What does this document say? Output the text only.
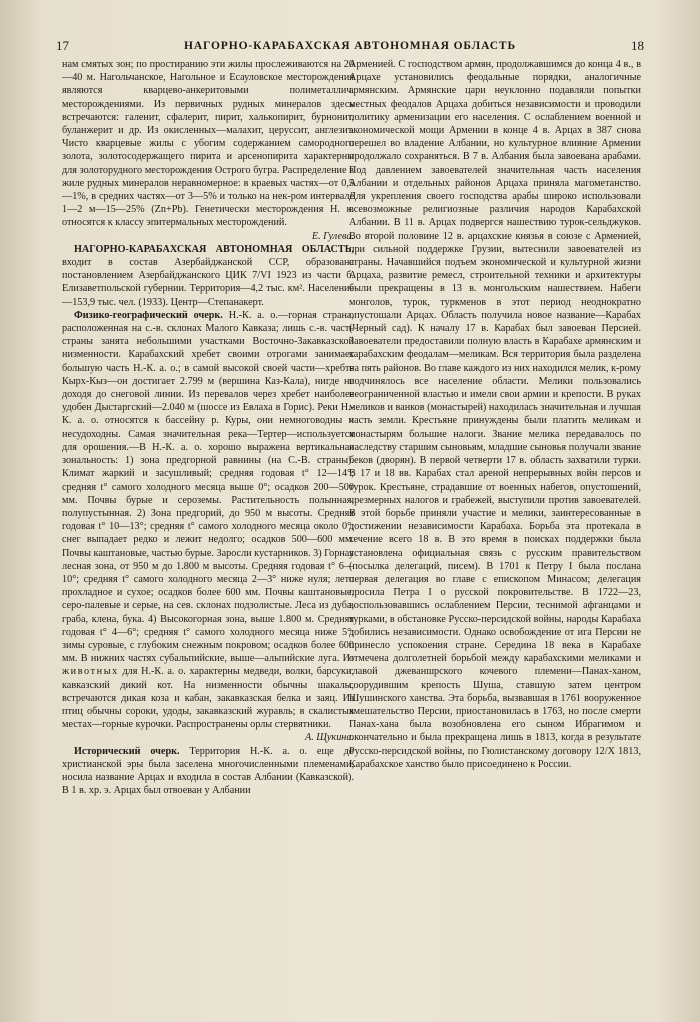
17	НАГОРНО-КАРАБАХСКАЯ АВТОНОМНАЯ ОБЛАСТЬ	18

нам смятых зон; по простиранию эти жилы прослеживаются на 20—40 м. Нагольчанское, Нагольное и Есауловское месторождения являются кварцево-анкеритовыми полиметаллич. месторождениями. Из первичных рудных минералов здесь встречаются: галенит, сфалерит, пирит, халькопирит, бурнонит, буланжерит и др. Из окисленных—малахит, церуссит, англезит. Чисто кварцевые жилы с убогим содержанием самородного золота, золотосодержащего пирита и арсенопирита характерны для золоторудного месторождения Острого бугра. Распределение в жиле рудных минералов неравномерное: в краевых частях—от 0,5—1%, в средних частях—от 3—5% и только на нек-ром интервале 1—2 м—15—25% (Zn+Pb). Генетически месторождения Н. к. относятся к классу эпитермальных месторождений.

Е. Гулева.

НАГОРНО-КАРАБАХСКАЯ АВТОНОМНАЯ ОБЛАСТЬ, входит в состав Азербайджанской ССР, образована постановлением Азербайджанского ЦИК 7/VI 1923 из части б. Елизаветпольской губернии. Территория—4,2 тыс. км². Население—153,9 тыс. чел. (1933). Центр—Степанакерт.

Физико-географический очерк. Н.-К. а. о.—горная страна, расположенная на с.-в. склонах Малого Кавказа; лишь с.-в. часть страны занята небольшими участками Восточно-Закавказской низменности. Карабахский хребет своими отрогами занимает большую часть Н.-К. а. о.; в самой высокой своей части—хребте Кырх-Кыз—он достигает 2.799 м (вершина Каз-Кала), нигде не доходя до снеговой линии. Из перевалов через хребет наиболее удобен Дыстаргский—2.040 м (шоссе из Евлаха в Горис). Реки Н.-К. а. о. относятся к бассейну р. Куры, они немноговодны и несудоходны. Самая значительная река—Тертер—используется для орошения.—В Н.-К. а. о. хорошо выражена вертикальная зональность: 1) зона предгорной равнины (на С.-В. страны). Климат жаркий и засушливый; средняя годовая t° 12—14°; средняя t° самого холодного месяца выше 0°; осадков 200—500 мм. Почвы бурые и сероземы. Растительность полынная, полупустынная. 2) Зона предгорий, до 950 м высоты. Средняя годовая t° 10—13°; средняя t° самого холодного месяца около 0°; снег выпадает редко и лежит недолго; осадков 500—600 мм. Почвы каштановые, частью бурые. Заросли кустарников. 3) Горная лесная зона, от 950 м до 1.800 м высоты. Средняя годовая t° 6—10°; средняя t° самого холодного месяца 2—3° ниже нуля; лето прохладное и сухое; осадков более 600 мм. Почвы каштановые, серо-палевые и серые, на сев. склонах подзолистые. Леса из дуба, граба, клена, бука. 4) Высокогорная зона, выше 1.800 м. Средняя годовая t° 4—6°; средняя t° самого холодного месяца ниже 5°; зимы суровые, с глубоким снежным покровом; осадков более 600 мм. В нижних частях субальпийские, выше—альпийские луга. Из животных для Н.-К. а. о. характерны медведи, волки, барсуки, кавказский дикий кот. На низменности обычны шакалы, встречаются дикая коза и кабан, закавказская белка и заяц. Из птиц обычны сороки, удоды, закавказский журавль; в скалистых местах—горные курочки. Распространены орлы стервятники.

А. Щукина.

Исторический очерк. Территория Н.-К. а. о. еще до христианской эры была заселена многочисленными племенами, носила название Арцах и входила в состав Албании (Кавказской). В 1 в. хр. э. Арцах был отвоеван у Албании

Арменией. С господством армян, продолжавшимся до конца 4 в., в Арцахе установились феодальные порядки, аналогичные армянским. Армянские цари неуклонно подавляли попытки местных феодалов Арцаха добиться независимости и проводили политику арменизации его населения. С ослаблением военной и экономической мощи Армении в конце 4 в. Арцах в 387 снова перешел во владение Албании, но культурное влияние Армении продолжало сохраняться. В 7 в. Албания была завоевана арабами. Под давлением завоевателей значительная часть населения Албании и отдельных районов Арцаха приняла магометанство. Для укрепления своего господства арабы широко использовали всевозможные религиозные различия народов Карабахской Албании. В 11 в. Арцах подвергся нашествию турок-сельджуков. Во второй половине 12 в. арцахские князья в союзе с Арменией, при сильной поддержке Грузии, вытеснили завоевателей из страны. Начавшийся подъем экономической и культурной жизни Арцаха, развитие ремесл, строительной техники и архитектуры были прекращены в 13 в. монгольским нашествием. Набеги монголов, турок, туркменов в этот период неоднократно опустошали Арцах. Область получила новое название—Карабах (Черный сад). К началу 17 в. Карабах был завоеван Персией. Завоеватели предоставили полную власть в Карабахе армянским и карабахским феодалам—меликам. Вся территория была разделена на пять районов. Во главе каждого из них находился мелик, к-рому подчинялось все население области. Мелики пользовались неограниченной властью и имели свои армии и крепости. В руках меликов и ванков (монастырей) находилась значительная и лучшая часть земли. Крестьяне принуждены были платить меликам и монастырям большие налоги. Звание мелика передавалось по наследству старшим сыновьям, младшие сыновья получали звание беков (дворян). В первой четверти 17 в. область захватили турки. В 17 и 18 вв. Карабах стал ареной непрерывных войн персов и турок. Крестьяне, страдавшие от военных набегов, опустошений, чрезмерных налогов и грабежей, выступили против завоевателей. В этой борьбе приняли участие и мелики, заинтересованные в достижении независимости Карабаха. Борьба эта протекала в течение всего 18 в. В это время в поисках поддержки была установлена официальная связь с русским правительством (посылка делегаций, писем). В 1701 к Петру I была послана первая делегация во главе с епископом Минасом; делегация просила Петра I о русской покровительстве. В 1722—23, воспользовавшись ослаблением Персии, теснимой афганцами и турками, в обстановке Русско-персидской войны, народы Карабаха добились независимости. Однако освобождение от ига Персии не принесло успокоения стране. Середина 18 века в Карабахе отмечена долголетней борьбой между карабахскими меликами и главой джеваншрского кочевого племени—Панах-ханом, соорудившим крепость Шуша, ставшую затем центром Шушинского ханства. Эта борьба, вызвавшая в 1761 вооруженное вмешательство Персии, приостановилась в 1763, но после смерти Панах-хана была возобновлена его сыном Ибрагимом и окончательно и была прекращена лишь в 1813, когда в результате Русско-персидской войны, по Гюлистанскому договору 12/X 1813, Карабахское ханство было присоединено к России.
